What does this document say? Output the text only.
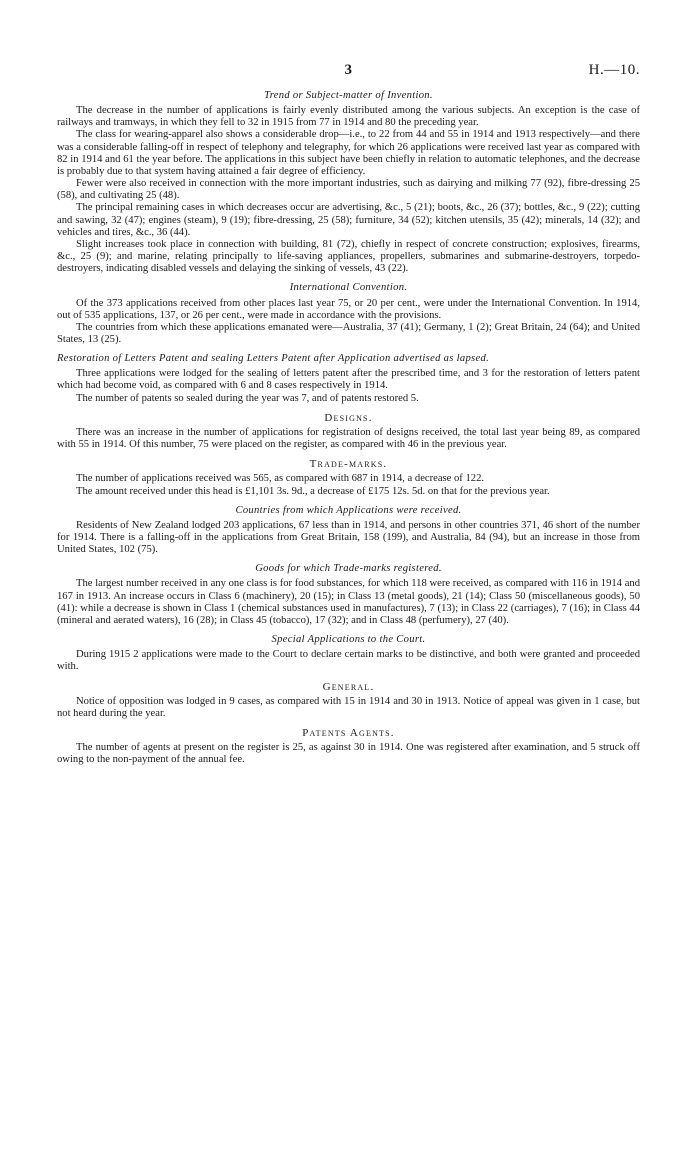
3	H.—10.
Trend or Subject-matter of Invention.

The decrease in the number of applications is fairly evenly distributed among the various subjects. An exception is the case of railways and tramways, in which they fell to 32 in 1915 from 77 in 1914 and 80 the preceding year.

The class for wearing-apparel also shows a considerable drop—i.e., to 22 from 44 and 55 in 1914 and 1913 respectively—and there was a considerable falling-off in respect of telephony and telegraphy, for which 26 applications were received last year as compared with 82 in 1914 and 61 the year before. The applications in this subject have been chiefly in relation to automatic telephones, and the decrease is probably due to that system having attained a fair degree of efficiency.

Fewer were also received in connection with the more important industries, such as dairying and milking 77 (92), fibre-dressing 25 (58), and cultivating 25 (48).

The principal remaining cases in which decreases occur are advertising, &c., 5 (21); boots, &c., 26 (37); bottles, &c., 9 (22); cutting and sawing, 32 (47); engines (steam), 9 (19); fibre-dressing, 25 (58); furniture, 34 (52); kitchen utensils, 35 (42); minerals, 14 (32); and vehicles and tires, &c., 36 (44).

Slight increases took place in connection with building, 81 (72), chiefly in respect of concrete construction; explosives, firearms, &c., 25 (9); and marine, relating principally to life-saving appliances, propellers, submarines and submarine-destroyers, torpedo-destroyers, indicating disabled vessels and delaying the sinking of vessels, 43 (22).

International Convention.

Of the 373 applications received from other places last year 75, or 20 per cent., were under the International Convention. In 1914, out of 535 applications, 137, or 26 per cent., were made in accordance with the provisions.

The countries from which these applications emanated were—Australia, 37 (41); Germany, 1 (2); Great Britain, 24 (64); and United States, 13 (25).

Restoration of Letters Patent and sealing Letters Patent after Application advertised as lapsed.

Three applications were lodged for the sealing of letters patent after the prescribed time, and 3 for the restoration of letters patent which had become void, as compared with 6 and 8 cases respectively in 1914.

The number of patents so sealed during the year was 7, and of patents restored 5.

Designs.

There was an increase in the number of applications for registration of designs received, the total last year being 89, as compared with 55 in 1914. Of this number, 75 were placed on the register, as compared with 46 in the previous year.

Trade-marks.

The number of applications received was 565, as compared with 687 in 1914, a decrease of 122.

The amount received under this head is £1,101 3s. 9d., a decrease of £175 12s. 5d. on that for the previous year.

Countries from which Applications were received.

Residents of New Zealand lodged 203 applications, 67 less than in 1914, and persons in other countries 371, 46 short of the number for 1914. There is a falling-off in the applications from Great Britain, 158 (199), and Australia, 84 (94), but an increase in those from United States, 102 (75).

Goods for which Trade-marks registered.

The largest number received in any one class is for food substances, for which 118 were received, as compared with 116 in 1914 and 167 in 1913. An increase occurs in Class 6 (machinery), 20 (15); in Class 13 (metal goods), 21 (14); Class 50 (miscellaneous goods), 50 (41): while a decrease is shown in Class 1 (chemical substances used in manufactures), 7 (13); in Class 22 (carriages), 7 (16); in Class 44 (mineral and aerated waters), 16 (28); in Class 45 (tobacco), 17 (32); and in Class 48 (perfumery), 27 (40).

Special Applications to the Court.

During 1915 2 applications were made to the Court to declare certain marks to be distinctive, and both were granted and proceeded with.

General.

Notice of opposition was lodged in 9 cases, as compared with 15 in 1914 and 30 in 1913. Notice of appeal was given in 1 case, but not heard during the year.

Patents Agents.

The number of agents at present on the register is 25, as against 30 in 1914. One was registered after examination, and 5 struck off owing to the non-payment of the annual fee.
